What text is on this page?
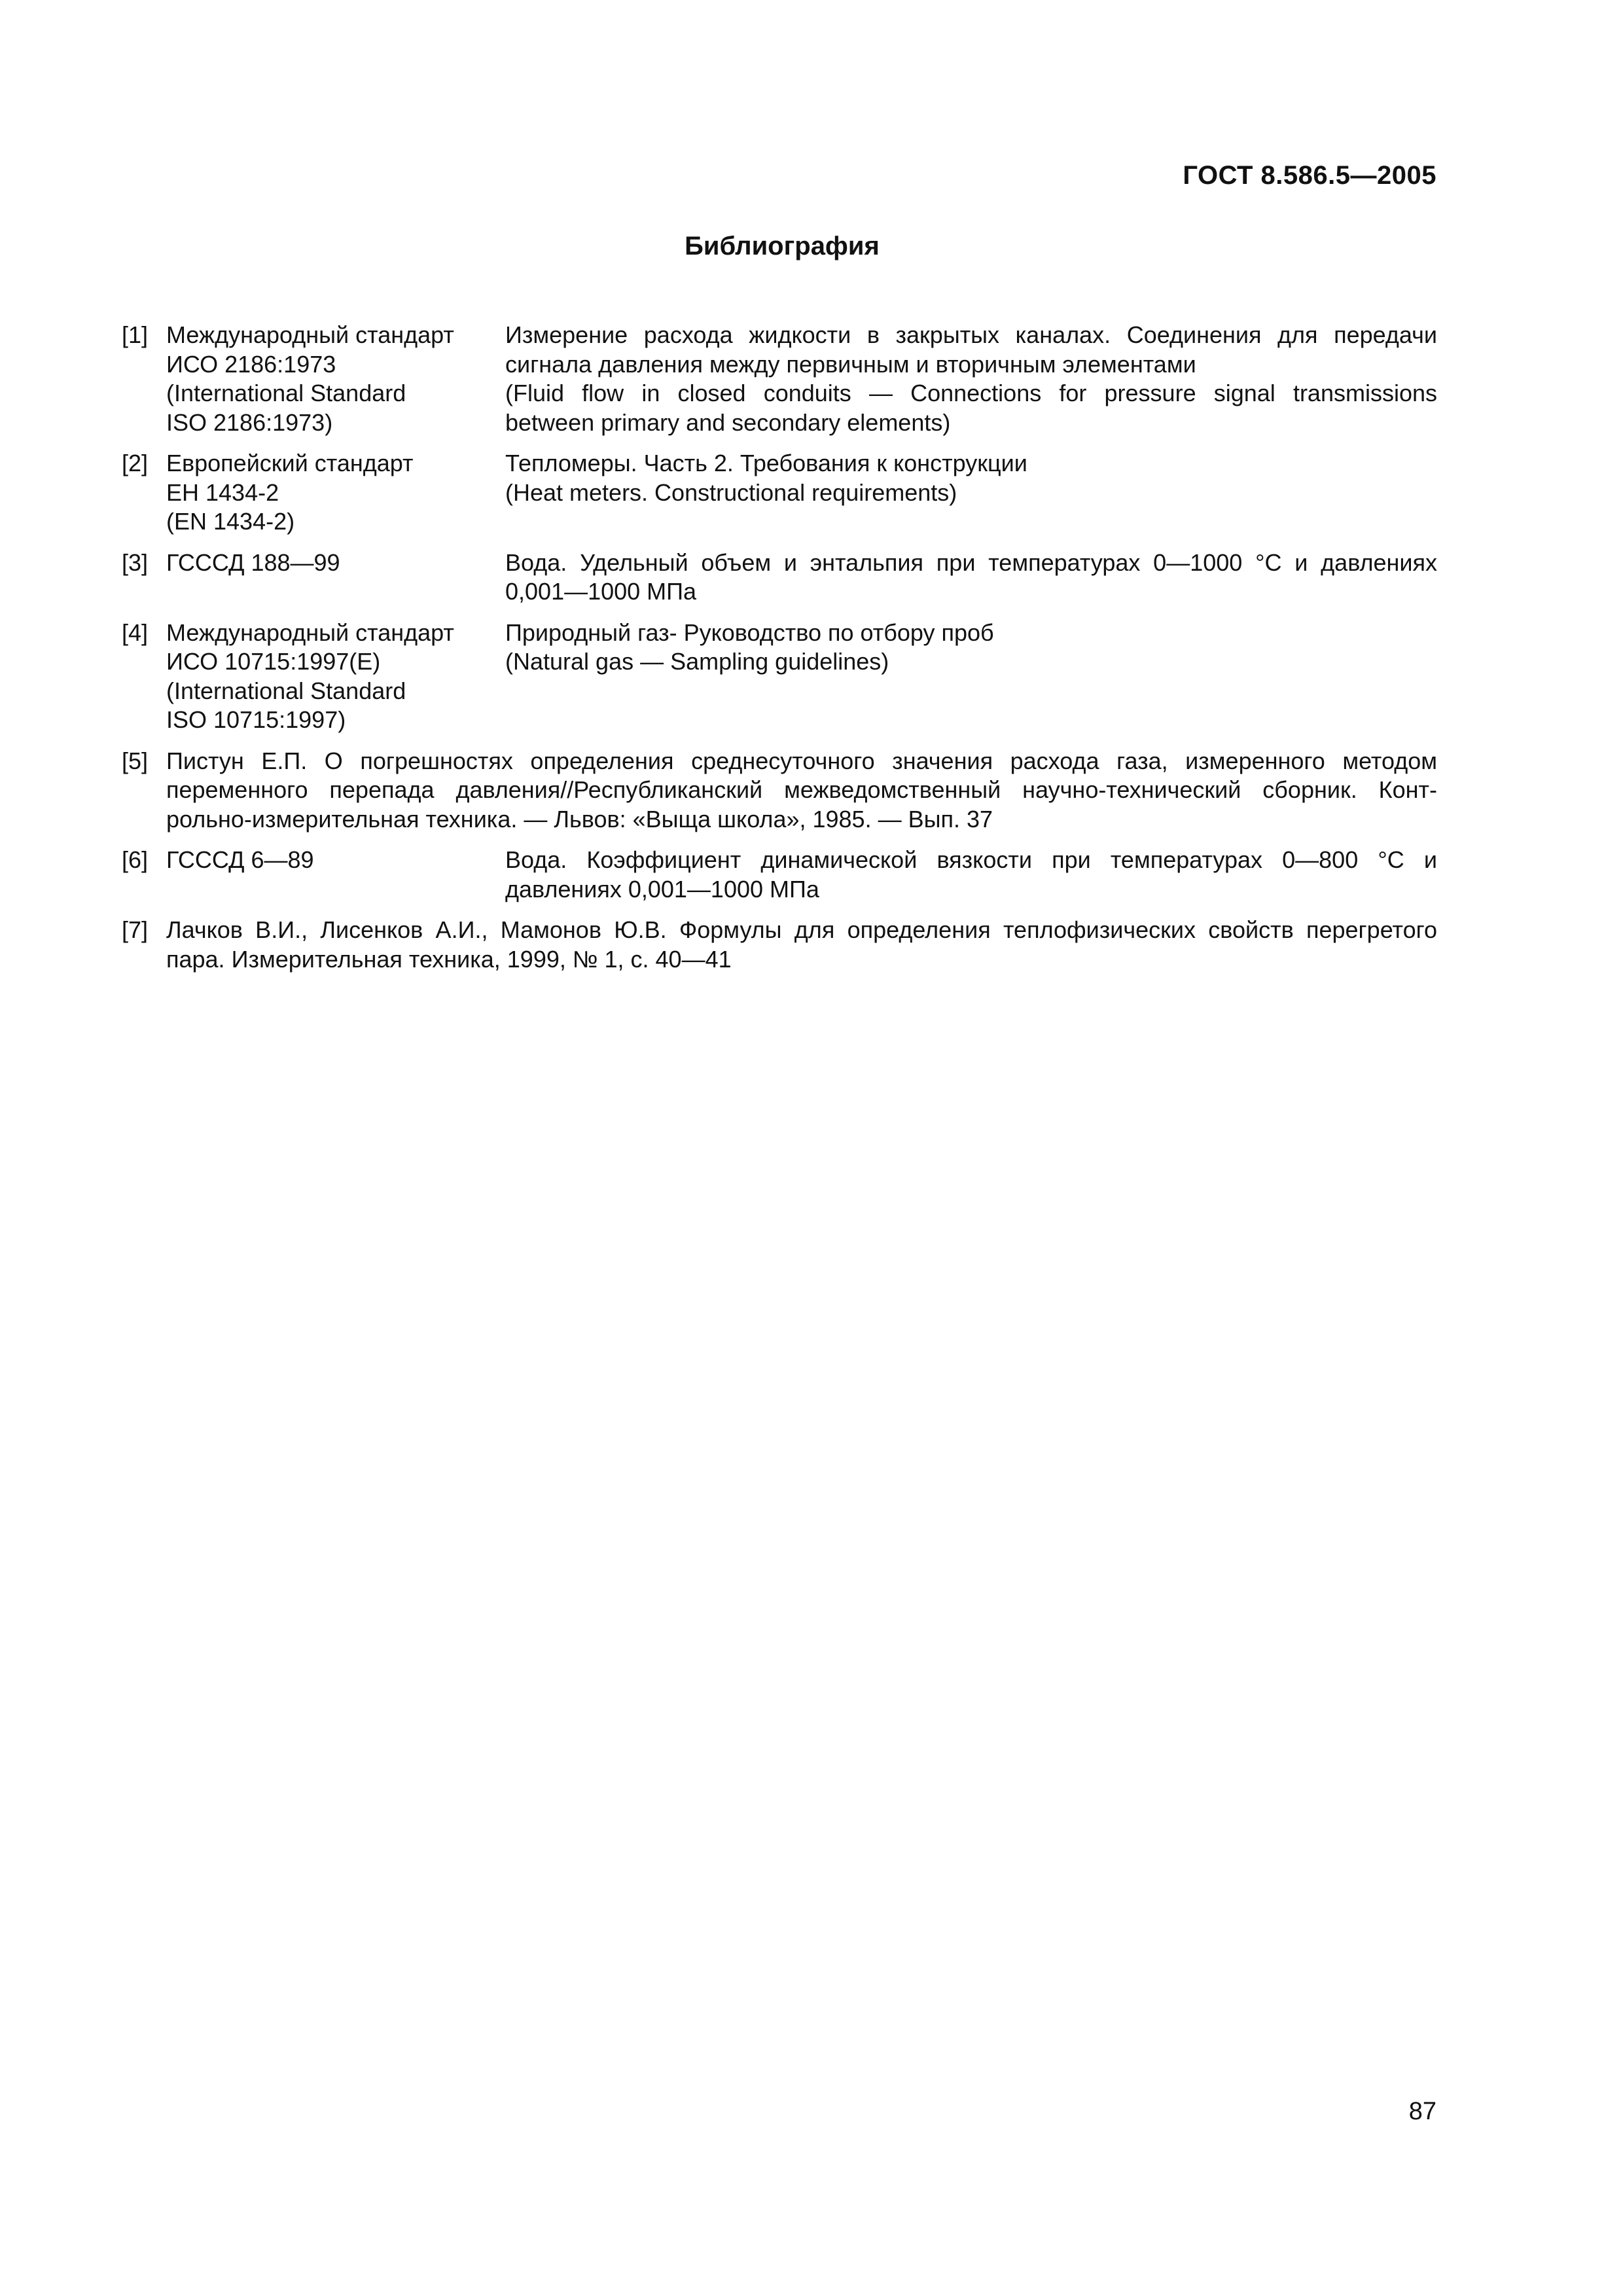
ГОСТ 8.586.5—2005
Библиография
[1] Международный стандарт
ИСО 2186:1973
(International Standard
ISO 2186:1973)
Измерение расхода жидкости в закрытых каналах. Соединения для передачи
сигнала давления между первичным и вторичным элементами
(Fluid flow in closed conduits — Connections for pressure signal transmissions
between primary and secondary elements)
[2] Европейский стандарт
ЕН 1434-2
(EN 1434-2)
Тепломеры. Часть 2. Требования к конструкции
(Heat meters. Constructional requirements)
[3] ГСССД 188—99	Вода. Удельный объем и энтальпия при температурах 0—1000 °С и давлениях
0,001—1000 МПа
[4] Международный стандарт
ИСО 10715:1997(E)
(International Standard
ISO 10715:1997)
Природный газ- Руководство по отбору проб
(Natural gas — Sampling guidelines)
[5] Пистун Е.П. О погрешностях определения среднесуточного значения расхода газа, измеренного методом
переменного перепада давления//Республиканский межведомственный научно-технический сборник. Конт-
рольно-измерительная техника. — Львов: «Выща школа», 1985. — Вып. 37
[6] ГСССД 6—89	Вода. Коэффициент динамической вязкости при температурах 0—800 °С и
давлениях 0,001—1000 МПа
[7] Лачков В.И., Лисенков А.И., Мамонов Ю.В. Формулы для определения теплофизических свойств перегретого
пара. Измерительная техника, 1999, № 1, с. 40—41
87
